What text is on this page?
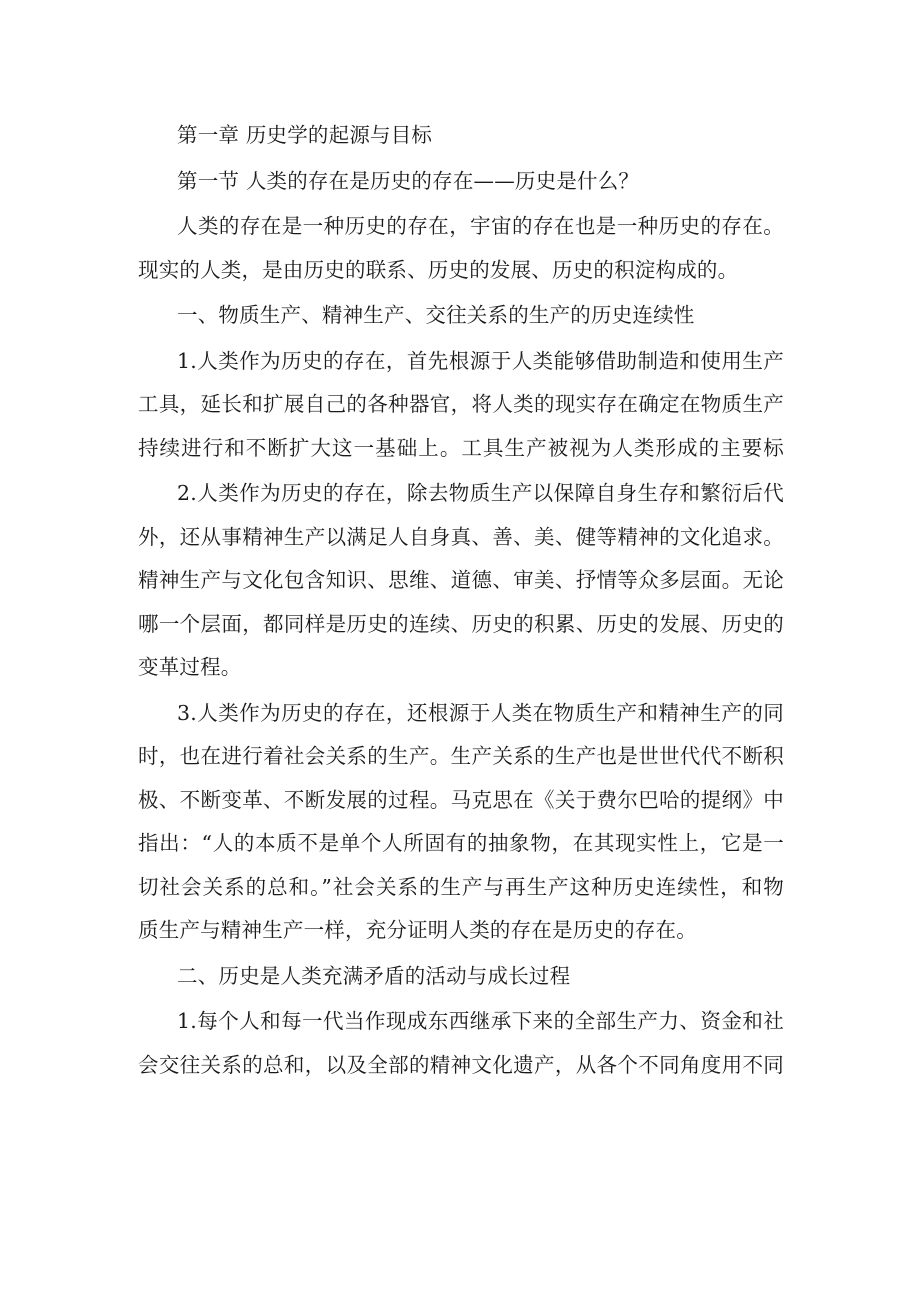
第一章 历史学的起源与目标
第一节 人类的存在是历史的存在——历史是什么？
人类的存在是一种历史的存在，宇宙的存在也是一种历史的存在。
现实的人类，是由历史的联系、历史的发展、历史的积淀构成的。
一、物质生产、精神生产、交往关系的生产的历史连续性
1.人类作为历史的存在，首先根源于人类能够借助制造和使用生产
工具，延长和扩展自己的各种器官，将人类的现实存在确定在物质生产
持续进行和不断扩大这一基础上。工具生产被视为人类形成的主要标
2.人类作为历史的存在，除去物质生产以保障自身生存和繁衍后代
外，还从事精神生产以满足人自身真、善、美、健等精神的文化追求。
精神生产与文化包含知识、思维、道德、审美、抒情等众多层面。无论
哪一个层面，都同样是历史的连续、历史的积累、历史的发展、历史的
变革过程。
3.人类作为历史的存在，还根源于人类在物质生产和精神生产的同
时，也在进行着社会关系的生产。生产关系的生产也是世世代代不断积
极、不断变革、不断发展的过程。马克思在《关于费尔巴哈的提纲》中
指出：“人的本质不是单个人所固有的抽象物，在其现实性上，它是一
切社会关系的总和。”社会关系的生产与再生产这种历史连续性，和物
质生产与精神生产一样，充分证明人类的存在是历史的存在。
二、历史是人类充满矛盾的活动与成长过程
1.每个人和每一代当作现成东西继承下来的全部生产力、资金和社
会交往关系的总和，以及全部的精神文化遗产，从各个不同角度用不同
